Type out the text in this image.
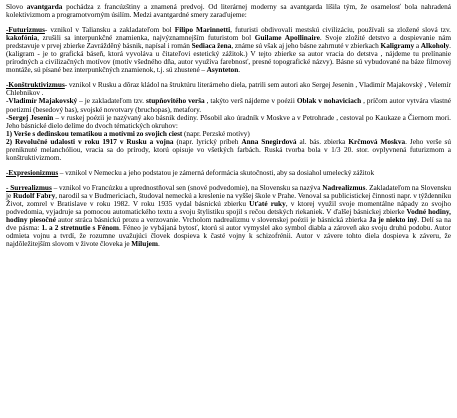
Slovo avantgarda pochádza z francúzštiny a znamená predvoj. Od literárnej moderny sa avantgarda líšila tým, že osamelosť bola nahradená kolektivizmom a programotvorným úsilím. Medzi avantgardné smery zaraďujeme:

-Futurizmus- vznikol v Taliansku a zakladateľom bol Filipo Marinnetti, futuristi obdivovali mestskú civilizáciu, používali sa zložené slová tzv. kakofónia, zrušili sa interpunkčné znamienka, najvýznamnejším futuristom bol Guilame Apollinaire. Svoje zložité detstvo a dospievanie nám predstavuje v prvej zbierke Zavrážděný básnik, napísal i román Sediaca žena, známe sú však aj jeho básne zahrnuté v zbierkach Kaligramy a Alkoholy. (kaligram - je to grafická báseň, ktorá vyvoláva u čitateľovi estetický zážitok.) V tejto zbierke sa autor vracia do detstva , nájdeme tu prelínanie prírodných a civilizačných motívov (motív všedného dňa, autor využíva farebnosť, presné topografické názvy). Básne sú vybudované na báze filmovej montáže, sú písané bez interpunkčných znamienok, t.j. sú zhustené – Asynteton.

-Konštruktivizmus- vznikol v Rusku a dôraz kládol na štruktúru literárneho diela, patrili sem autori ako Sergej Jesenin , Vladimír Majakovský , Velemír Chlebnikov .
-Vladimír Majakovský – je zakladateľom tzv. stupňovitého verša , takýto verš nájdeme v poézii Oblak v nohaviciach , príčom autor vytvára vlastné poetizmi (besedový bas), svojské novotvary (bruchopas), metafory.
-Sergej Jesenin – v ruskej poézii je nazývaný ako básnik dediny. Pôsobil ako úradník v Moskve a v Petrohrade , cestoval po Kaukaze a Čiernom mori. Jeho básnické dielo delíme do dvoch tématických okruhov:
1) Verše s dedinskou tematikou a motívmi zo svojich ciest (napr. Perzské motívy)
2) Revolučné udalosti v roku 1917 v Rusku a vojna (napr. lyrický príbeh Anna Snegirdová al. bás. zbierka Krčmová Moskva. Jeho verše sú preniknuté melanchóliou, vracia sa do prírody, ktorú opisuje vo všetkých farbách. Ruská tvorba bola v 1/3 20. stor. ovplyvnená futurizmom a konštruktivizmom.

-Expresionizmus – vznikol v Nemecku a jeho podstatou je zámerná deformácia skutočnosti, aby sa dosiahol umelecký zážitok

- Surrealizmus – vznikol vo Francúzku a uprednostňoval sen (snové podvedomie), na Slovensku sa nazýva Nadrealizmus. Zakladateľom na Slovensku je Rudolf Fabry, narodil sa v Budmericiach, študoval nemeckú a kreslenie na vyššej škole v Prahe. Venoval sa publicistickej činnosti napr. v týždenníku Život, zomrel v Bratislave v roku 1982. V roku 1935 vydal básnickú zbierku Uťaté ruky, v ktorej využil svoje momentálne nápady zo svojho podvedomia, vyjadruje sa pomocou automatického textu a svoju štylistiku spojil s rečou detských riekaniek. V ďalšej básnickej zbierke Vodné hodiny, hodiny piesočné autor stráca básnickú prozu a verzovanie. Vrcholom nadrealizmu v slovenskej poézii je básnická zbierka Ja je niekto iný. Delí sa na dve pásma: 1. a 2 stretnutie s Fénom. Féneo je vybájaná bytosť, ktorú si autor vymyslel ako symbol diabla a zároveň ako svoju druhú podobu. Autor odmieta vojnu a tvrdí, že rozumne uvažujúci človek dospieva k časté vojny k schizofrénii. Autor v závere tohto diela dospieva k záveru, že najdôležitejším slovom v živote človeka je Milujem.
